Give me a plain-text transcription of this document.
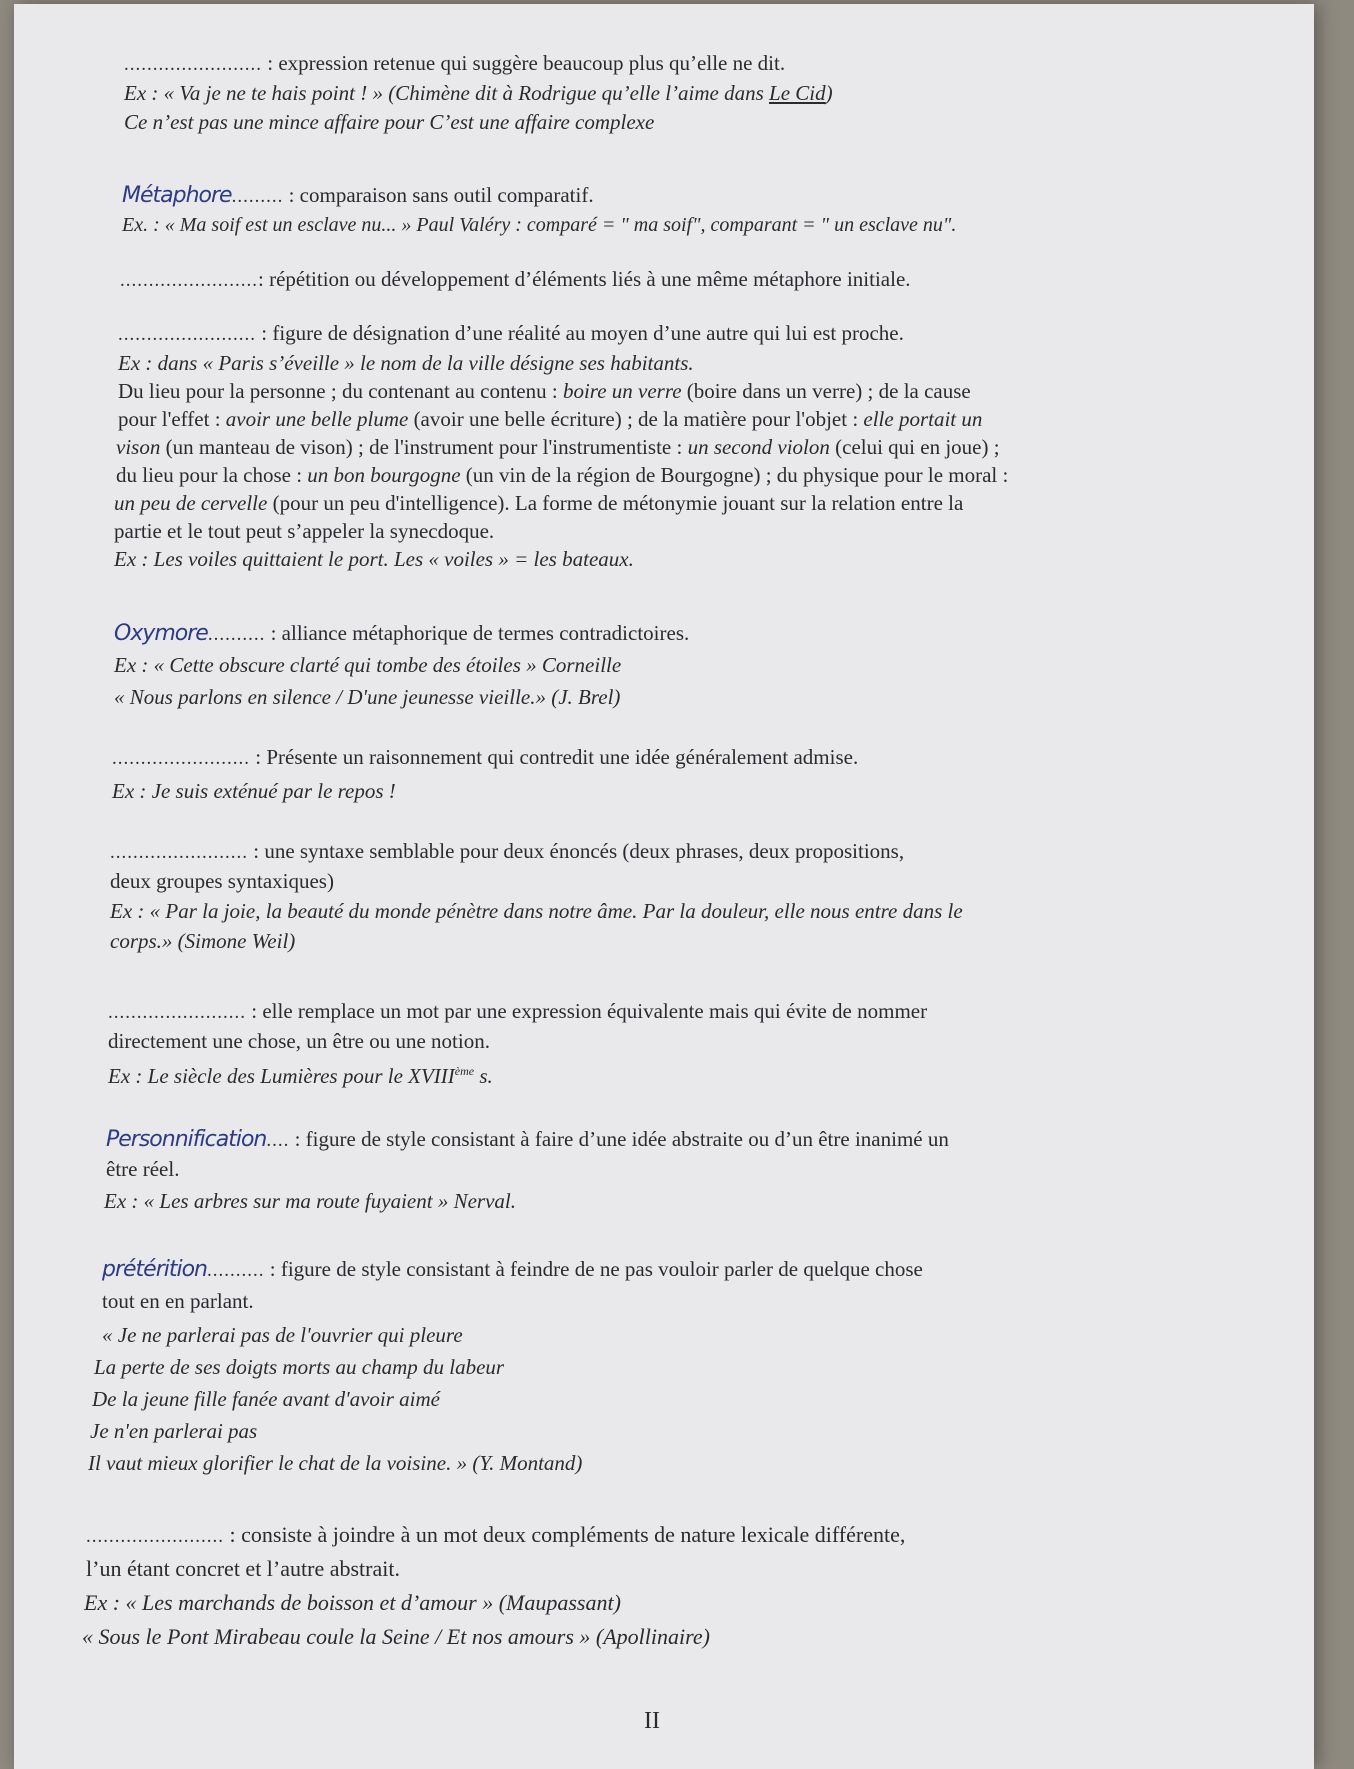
........................ : expression retenue qui suggère beaucoup plus qu’elle ne dit.
Ex : « Va je ne te hais point ! » (Chimène dit à Rodrigue qu’elle l’aime dans Le Cid)
Ce n’est pas une mince affaire pour C’est une affaire complexe
Métaphore......... : comparaison sans outil comparatif.
Ex. : « Ma soif est un esclave nu... » Paul Valéry : comparé = " ma soif", comparant = " un esclave nu".
........................: répétition ou développement d’éléments liés à une même métaphore initiale.
........................ : figure de désignation d’une réalité au moyen d’une autre qui lui est proche.
Ex : dans « Paris s’éveille » le nom de la ville désigne ses habitants.
Du lieu pour la personne ; du contenant au contenu : boire un verre (boire dans un verre) ; de la cause
pour l'effet : avoir une belle plume (avoir une belle écriture) ; de la matière pour l'objet : elle portait un
vison (un manteau de vison) ; de l'instrument pour l'instrumentiste : un second violon (celui qui en joue) ;
du lieu pour la chose : un bon bourgogne (un vin de la région de Bourgogne) ; du physique pour le moral :
un peu de cervelle (pour un peu d'intelligence). La forme de métonymie jouant sur la relation entre la
partie et le tout peut s’appeler la synecdoque.
Ex : Les voiles quittaient le port. Les « voiles » = les bateaux.
Oxymore.......... : alliance métaphorique de termes contradictoires.
Ex : « Cette obscure clarté qui tombe des étoiles » Corneille
« Nous parlons en silence / D'une jeunesse vieille.» (J. Brel)
........................ : Présente un raisonnement qui contredit une idée généralement admise.
Ex : Je suis exténué par le repos !
........................ : une syntaxe semblable pour deux énoncés (deux phrases, deux propositions,
deux groupes syntaxiques)
Ex : « Par la joie, la beauté du monde pénètre dans notre âme. Par la douleur, elle nous entre dans le
corps.» (Simone Weil)
........................ : elle remplace un mot par une expression équivalente mais qui évite de nommer
directement une chose, un être ou une notion.
Ex : Le siècle des Lumières pour le XVIIIème s.
Personnification.... : figure de style consistant à faire d’une idée abstraite ou d’un être inanimé un
être réel.
Ex : « Les arbres sur ma route fuyaient » Nerval.
prétérition.......... : figure de style consistant à feindre de ne pas vouloir parler de quelque chose
tout en en parlant.
« Je ne parlerai pas de l'ouvrier qui pleure
La perte de ses doigts morts au champ du labeur
De la jeune fille fanée avant d'avoir aimé
Je n'en parlerai pas
Il vaut mieux glorifier le chat de la voisine. » (Y. Montand)
........................ : consiste à joindre à un mot deux compléments de nature lexicale différente,
l’un étant concret et l’autre abstrait.
Ex : « Les marchands de boisson et d’amour » (Maupassant)
« Sous le Pont Mirabeau coule la Seine / Et nos amours » (Apollinaire)
II
